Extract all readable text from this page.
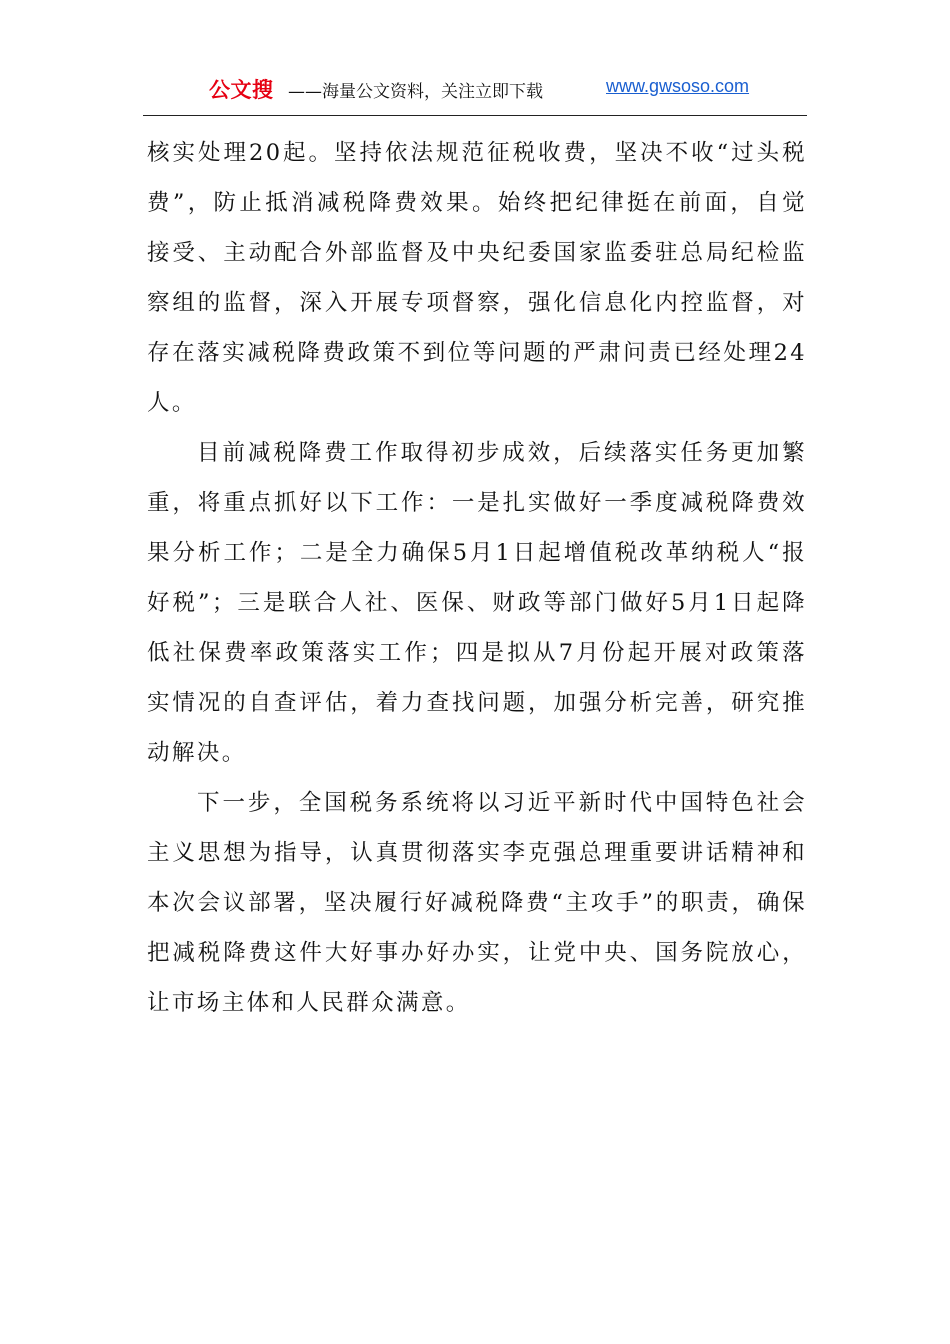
公文搜 ——海量公文资料，关注立即下载	www.gwsoso.com

核实处理20起。坚持依法规范征税收费，坚决不收“过头税费”，防止抵消减税降费效果。始终把纪律挺在前面，自觉接受、主动配合外部监督及中央纪委国家监委驻总局纪检监察组的监督，深入开展专项督察，强化信息化内控监督，对存在落实减税降费政策不到位等问题的严肃问责已经处理24人。

目前减税降费工作取得初步成效，后续落实任务更加繁重，将重点抓好以下工作：一是扎实做好一季度减税降费效果分析工作；二是全力确保5月1日起增值税改革纳税人“报好税”；三是联合人社、医保、财政等部门做好5月1日起降低社保费率政策落实工作；四是拟从7月份起开展对政策落实情况的自查评估，着力查找问题，加强分析完善，研究推动解决。

下一步，全国税务系统将以习近平新时代中国特色社会主义思想为指导，认真贯彻落实李克强总理重要讲话精神和本次会议部署，坚决履行好减税降费“主攻手”的职责，确保把减税降费这件大好事办好办实，让党中央、国务院放心，让市场主体和人民群众满意。
